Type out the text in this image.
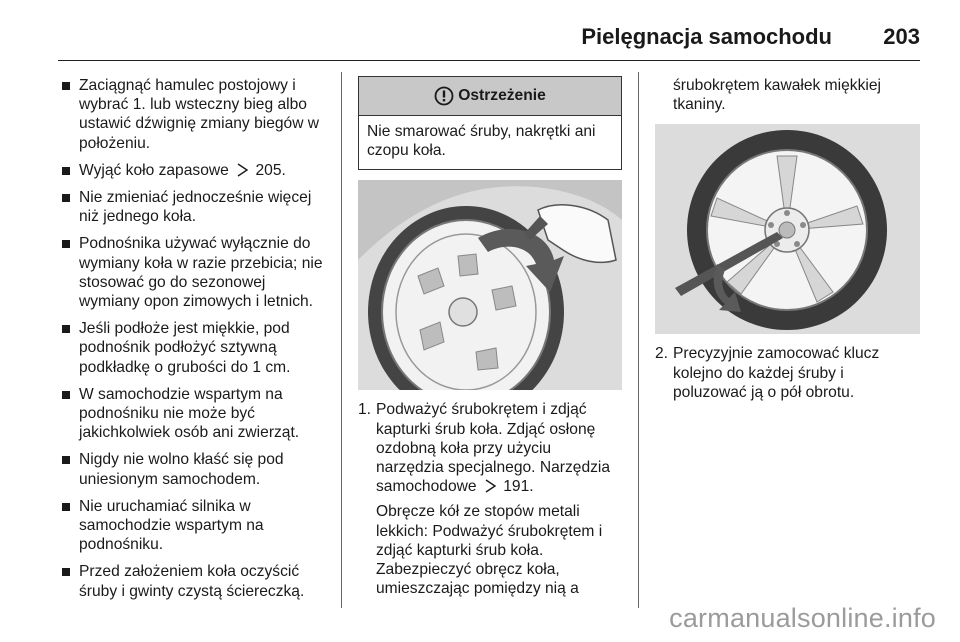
Pielęgnacja samochodu 203
Zaciągnąć hamulec postojowy i wybrać 1. lub wsteczny bieg albo ustawić dźwignię zmiany biegów w położeniu.
Wyjąć koło zapasowe 205.
Nie zmieniać jednocześnie więcej niż jednego koła.
Podnośnika używać wyłącznie do wymiany koła w razie przebicia; nie stosować go do sezonowej wymiany opon zimowych i letnich.
Jeśli podłoże jest miękkie, pod podnośnik podłożyć sztywną podkładkę o grubości do 1 cm.
W samochodzie wspartym na podnośniku nie może być jakichkolwiek osób ani zwierząt.
Nigdy nie wolno kłaść się pod uniesionym samochodem.
Nie uruchamiać silnika w samochodzie wspartym na podnośniku.
Przed założeniem koła oczyścić śruby i gwinty czystą ściereczką.
Ostrzeżenie
Nie smarować śruby, nakrętki ani czopu koła.
1. Podważyć śrubokrętem i zdjąć kapturki śrub koła. Zdjąć osłonę ozdobną koła przy użyciu narzędzia specjalnego. Narzędzia samochodowe 191.

Obręcze kół ze stopów metali lekkich: Podważyć śrubokrętem i zdjąć kapturki śrub koła. Zabezpieczyć obręcz koła, umieszczając pomiędzy nią a

śrubokrętem kawałek miękkiej tkaniny.
2. Precyzyjnie zamocować klucz kolejno do każdej śruby i poluzować ją o pół obrotu.
carmanualsonline.info
